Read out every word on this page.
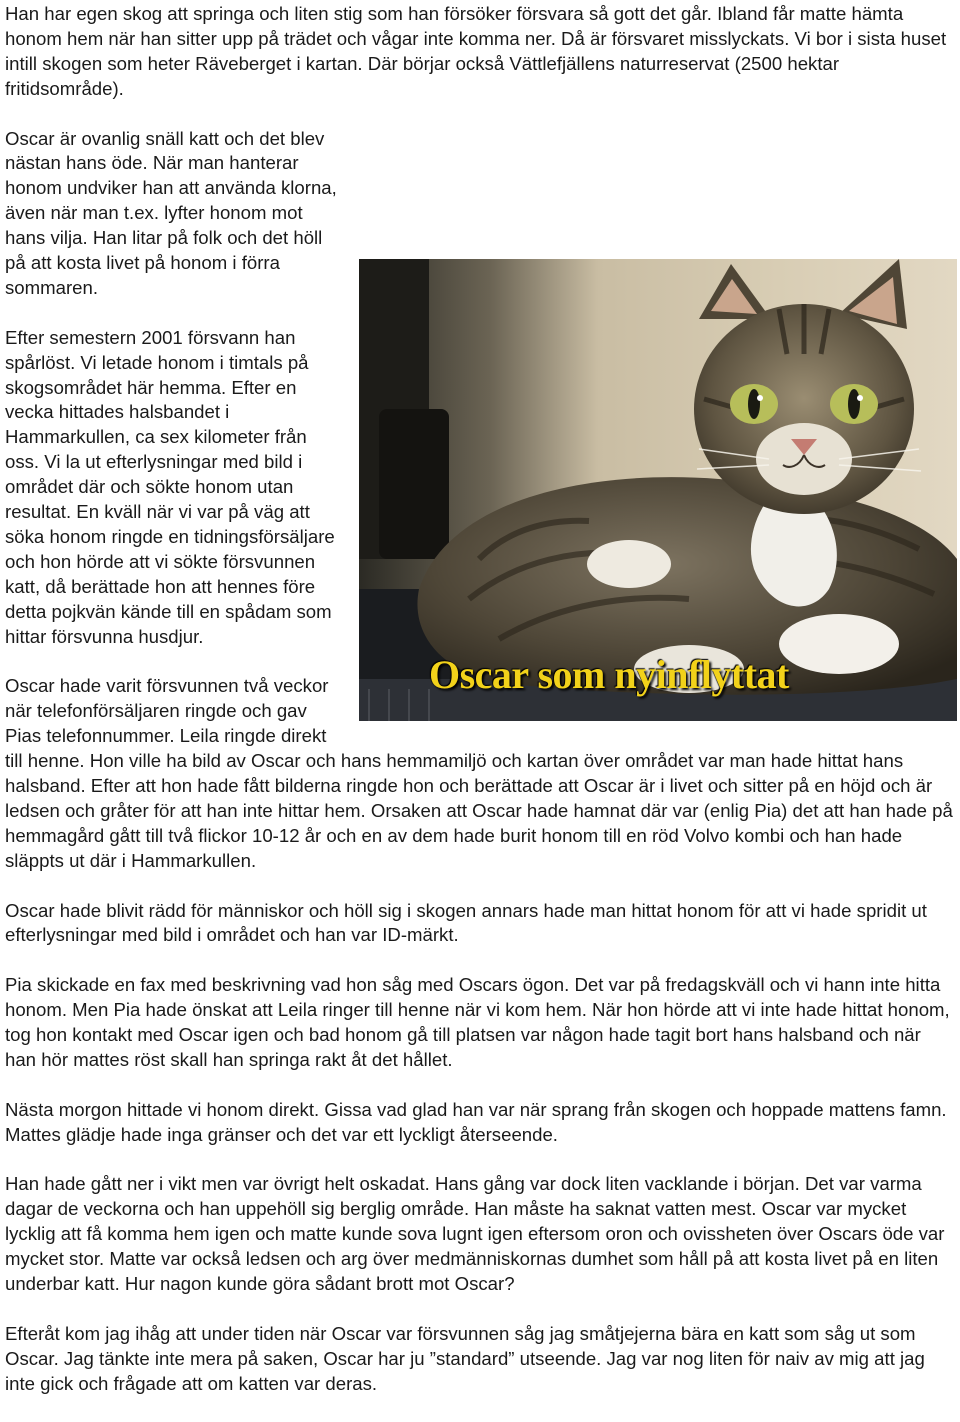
Han har egen skog att springa och liten stig som han försöker försvara så gott det går. Ibland får matte hämta honom hem när han sitter upp på trädet och vågar inte komma ner. Då är försvaret misslyckats. Vi bor i sista huset intill skogen som heter Räveberget i kartan. Där börjar också Vättlefjällens naturreservat (2500 hektar fritidsområde).

Oscar som nyinflyttat

Oscar är ovanlig snäll katt och det blev nästan hans öde. När man hanterar honom undviker han att använda klorna, även när man t.ex. lyfter honom mot hans vilja. Han litar på folk och det höll på att kosta livet på honom i förra sommaren.

Efter semestern 2001 försvann han spårlöst. Vi letade honom i timtals på skogsområdet här hemma. Efter en vecka hittades halsbandet i Hammarkullen, ca sex kilometer från oss. Vi la ut efterlysningar med bild i området där och sökte honom utan resultat. En kväll när vi var på väg att söka honom ringde en tidningsförsäljare och hon hörde att vi sökte försvunnen katt, då berättade hon att hennes före detta pojkvän kände till en spådam som hittar försvunna husdjur.

Oscar hade varit försvunnen två veckor när telefonförsäljaren ringde och gav Pias telefonnummer. Leila ringde direkt till henne. Hon ville ha bild av Oscar och hans hemmamiljö och kartan över området var man hade hittat hans halsband. Efter att hon hade fått bilderna ringde hon och berättade att Oscar är i livet och sitter på en höjd och är ledsen och gråter för att han inte hittar hem. Orsaken att Oscar hade hamnat där var (enlig Pia) det att han hade på hemmagård gått till två flickor 10-12 år och en av dem hade burit honom till en röd Volvo kombi och han hade släppts ut där i Hammarkullen.

Oscar hade blivit rädd för människor och höll sig i skogen annars hade man hittat honom för att vi hade spridit ut efterlysningar med bild i området och han var ID-märkt.

Pia skickade en fax med beskrivning vad hon såg med Oscars ögon. Det var på fredagskväll och vi hann inte hitta honom. Men Pia hade önskat att Leila ringer till henne när vi kom hem. När hon hörde att vi inte hade hittat honom, tog hon kontakt med Oscar igen och bad honom gå till platsen var någon hade tagit bort hans halsband och när han hör mattes röst skall han springa rakt åt det hållet.

Nästa morgon hittade vi honom direkt. Gissa vad glad han var när sprang från skogen och hoppade mattens famn. Mattes glädje hade inga gränser och det var ett lyckligt återseende.

Han hade gått ner i vikt men var övrigt helt oskadat. Hans gång var dock liten vacklande i början. Det var varma dagar de veckorna och han uppehöll sig berglig område. Han måste ha saknat vatten mest. Oscar var mycket lycklig att få komma hem igen och matte kunde sova lugnt igen eftersom oron och ovissheten över Oscars öde var mycket stor. Matte var också ledsen och arg över medmänniskornas dumhet som håll på att kosta livet på en liten underbar katt. Hur nagon kunde göra sådant brott mot Oscar?

Efteråt kom jag ihåg att under tiden när Oscar var försvunnen såg jag småtjejerna bära en katt som såg ut som Oscar. Jag tänkte inte mera på saken, Oscar har ju ”standard” utseende. Jag var nog liten för naiv av mig att jag inte gick och frågade att om katten var deras.
